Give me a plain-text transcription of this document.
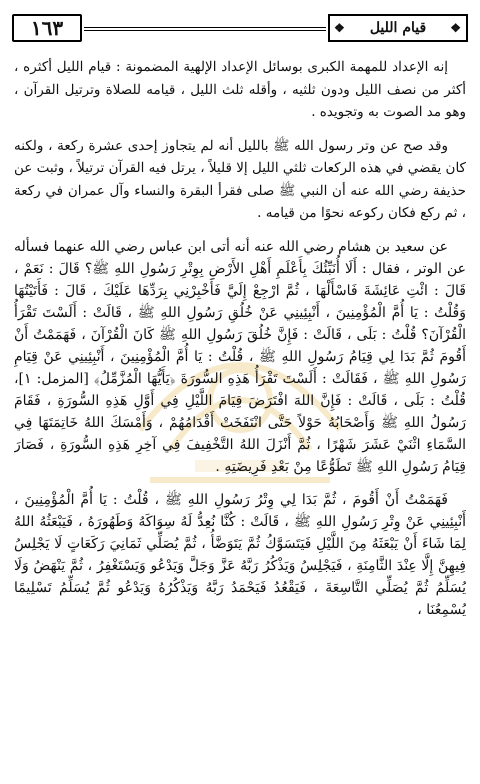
١٦٣	❖ قيام الليل ❖

إنه الإعداد للمهمة الكبرى بوسائل الإعداد الإلهية المضمونة : قيام الليل أكثره ، أكثر من نصف الليل ودون ثلثيه ، وأقله ثلث الليل ، قيامه للصلاة وترتيل القرآن ، وهو مد الصوت به وتجويده .

وقد صح عن وتر رسول الله ﷺ بالليل أنه لم يتجاوز إحدى عشرة ركعة ، ولكنه كان يقضي في هذه الركعات ثلثي الليل إلا قليلاً ، يرتل فيه القرآن ترتيلاً ، وثبت عن حذيفة رضي الله عنه أن النبي ﷺ صلى فقرأ البقرة والنساء وآل عمران في ركعة ، ثم ركع فكان ركوعه نحوًا من قيامه .

عن سعيد بن هشام رضي الله عنه أنه أتى ابن عباس رضي الله عنهما فسأله عن الوتر ، فقال : أَلَا أُنَبِّئُكَ بِأَعْلَمِ أَهْلِ الأَرْضِ بِوِتْرِ رَسُولِ اللهِ ﷺ؟ قَالَ : نَعَمْ ، قَالَ : ائْتِ عَائِشَةَ فَاسْأَلْهَا ، ثُمَّ ارْجِعْ إِلَيَّ فَأَخْبِرْنِي بِرَدِّهَا عَلَيْكَ ، قَالَ : فَأَتَيْتُهَا وَقُلْتُ : يَا أُمَّ الْمُؤْمِنِينَ ، أَنْبِئِينِي عَنْ خُلُقِ رَسُولِ اللهِ ﷺ ، قَالَتْ : أَلَسْتَ تَقْرَأُ الْقُرْآنَ؟ قُلْتُ : بَلَى ، قَالَتْ : فَإِنَّ خُلُقَ رَسُولِ اللهِ ﷺ كَانَ الْقُرْآنَ ، فَهَمَمْتُ أَنْ أَقُومَ ثُمَّ بَدَا لِي قِيَامُ رَسُولِ اللهِ ﷺ ، قُلْتُ : يَا أُمَّ الْمُؤْمِنِينَ ، أَنْبِئِينِي عَنْ قِيَامِ رَسُولِ اللهِ ﷺ ، فَقَالَتْ : أَلَسْتَ تَقْرَأُ هَذِهِ السُّورَةَ ﴿يَأَيُّهَا الْمُزَّمِّلُ﴾ [المزمل: ١]، قُلْتُ : بَلَى ، قَالَتْ : فَإِنَّ اللهَ افْتَرَضَ قِيَامَ اللَّيْلِ فِي أَوَّلِ هَذِهِ السُّورَةِ ، فَقَامَ رَسُولُ اللهِ ﷺ وَأَصْحَابُهُ حَوْلاً حَتَّى انْتَفَخَتْ أَقْدَامُهُمْ ، وَأَمْسَكَ اللهُ خَاتِمَتَهَا فِي السَّمَاءِ اثْنَيْ عَشَرَ شَهْرًا ، ثُمَّ أَنْزَلَ اللهُ التَّخْفِيفَ فِي آخِرِ هَذِهِ السُّورَةِ ، فَصَارَ قِيَامُ رَسُولِ اللهِ ﷺ تَطَوُّعًا مِنْ بَعْدِ فَرِيضَتِهِ .

فَهَمَمْتُ أَنْ أَقُومَ ، ثُمَّ بَدَا لِي وِتْرُ رَسُولِ اللهِ ﷺ ، قُلْتُ : يَا أُمَّ الْمُؤْمِنِينَ ، أَنْبِئِينِي عَنْ وِتْرِ رَسُولِ اللهِ ﷺ ، قَالَتْ : كُنَّا نُعِدُّ لَهُ سِوَاكَهُ وَطَهُورَهُ ، فَيَبْعَثُهُ اللهُ لِمَا شَاءَ أَنْ يَبْعَثَهُ مِنَ اللَّيْلِ فَيَتَسَوَّكُ ثُمَّ يَتَوَضَّأُ ، ثُمَّ يُصَلِّي ثَمَانِيَ رَكَعَاتٍ لَا يَجْلِسُ فِيهِنَّ إِلَّا عِنْدَ الثَّامِنَةِ ، فَيَجْلِسُ وَيَذْكُرُ رَبَّهُ عَزَّ وَجَلَّ وَيَدْعُو وَيَسْتَغْفِرُ ، ثُمَّ يَنْهَضُ وَلَا يُسَلِّمُ ثُمَّ يُصَلِّي التَّاسِعَةَ ، فَيَقْعُدُ فَيَحْمَدُ رَبَّهُ وَيَذْكُرُهُ وَيَدْعُو ثُمَّ يُسَلِّمُ تَسْلِيمًا يُسْمِعُنَا ،
